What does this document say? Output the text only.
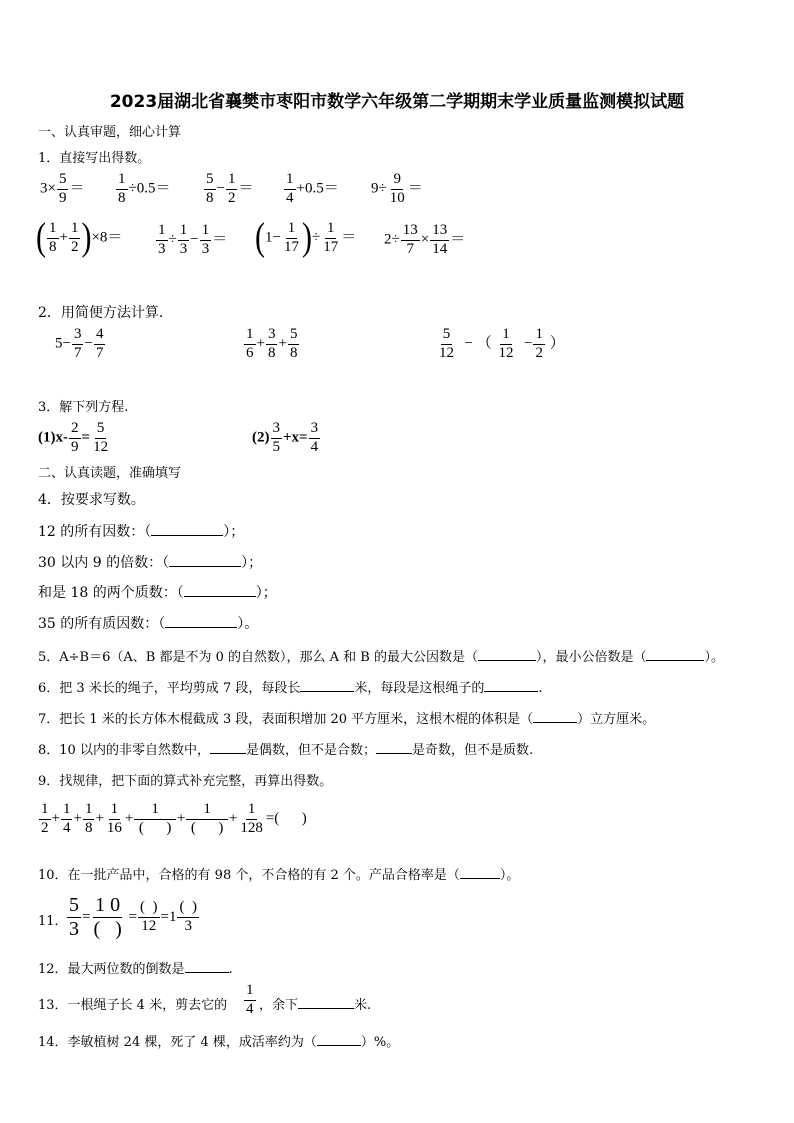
2023届湖北省襄樊市枣阳市数学六年级第二学期期末学业质量监测模拟试题
一、认真审题，细心计算
1．直接写出得数。
$3\times \frac{5}{9} = \frac{1}{8} \div 0.5= \frac{5}{8} - \frac{1}{2} = \frac{1}{4} +0.5= 9\div \frac{9}{10}$ ＝
( $\frac{1}{8} + \frac{1}{2} )\times 8= \frac{1}{3} \div \frac{1}{3} - \frac{1}{3} = (1- \frac{1}{17}$ )÷ $\frac{1}{17} = 2\div \frac{13}{7} \times \frac{13}{14}$ ＝
2．用简便方法计算.
$5- \frac{3}{7} - \frac{4}{7}$	$\frac{1}{6} + \frac{3}{8} + \frac{5}{8}$	$\frac{5}{12}$ − （ $\frac{1}{12} - \frac{1}{2}$ ）
3．解下列方程.
$(1)x- \frac{2}{9} = \frac{5}{12}$	$(2) \frac{3}{5} +x= \frac{3}{4}$
二、认真读题，准确填写
4．按要求写数。
12 的所有因数：（	）；
30 以内 9 的倍数：（	）；
和是 18 的两个质数：（	）；
35 的所有质因数：（	）。
5．A÷B＝6（A、B 都是不为 0 的自然数），那么 A 和 B 的最大公因数是（	），最小公倍数是（	）。
6．把 3 米长的绳子，平均剪成 7 段，每段长	米，每段是这根绳子的	.
7．把长 1 米的长方体木棍截成 3 段，表面积增加 20 平方厘米，这根木棍的体积是（	）立方厘米。
8．10 以内的非零自然数中，	是偶数，但不是合数；	是奇数，但不是质数.
9．找规律，把下面的算式补充完整，再算出得数。
$\frac{1}{2} + \frac{1}{4} + \frac{1}{8} + \frac{1}{16} + \frac{1}{( )} + \frac{1}{( )} + \frac{1}{128}$ =(      )
10．在一批产品中，合格的有 98 个，不合格的有 2 个。产品合格率是（	）。
11． $\frac{5}{3} = \frac{1 0}{( )} = \frac{( )}{12} =1 \frac{( )}{3}$
12．最大两位数的倒数是	.
13．一根绳子长 4 米，剪去它的 $\frac{1}{4}$ ，余下	米.
14．李敏植树 24 棵，死了 4 棵，成活率约为（	）%。
